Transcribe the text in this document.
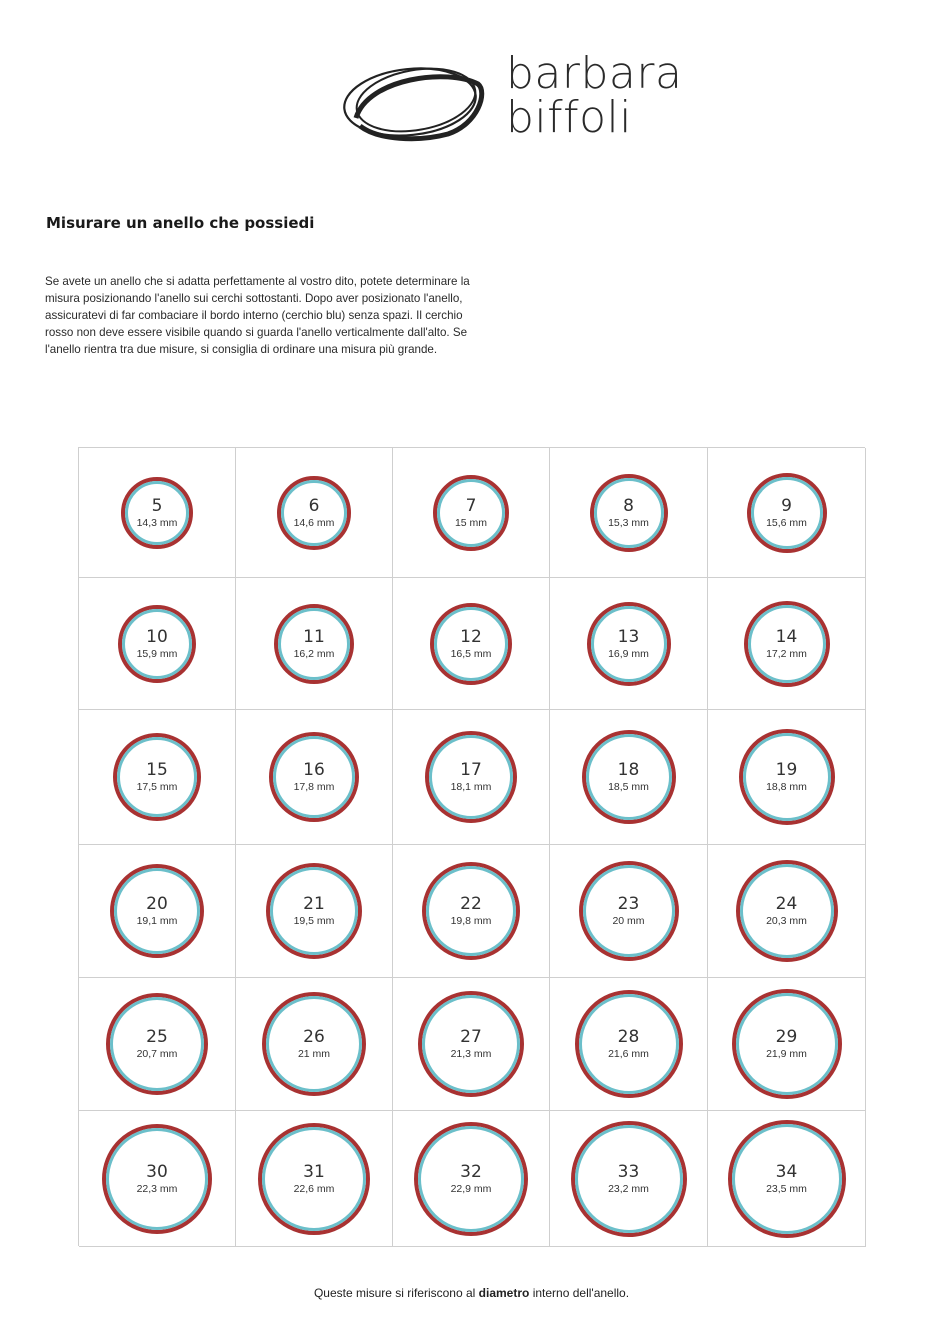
barbara
biffoli
Misurare un anello che possiedi
Se avete un anello che si adatta perfettamente al vostro dito, potete determinare la misura posizionando l'anello sui cerchi sottostanti. Dopo aver posizionato l'anello, assicuratevi di far combaciare il bordo interno (cerchio blu) senza spazi. Il cerchio rosso non deve essere visibile quando si guarda l'anello verticalmente dall'alto. Se l'anello rientra tra due misure, si consiglia di ordinare una misura più grande.
5
14,3 mm
6
14,6 mm
7
15 mm
8
15,3 mm
9
15,6 mm
10
15,9 mm
11
16,2 mm
12
16,5 mm
13
16,9 mm
14
17,2 mm
15
17,5 mm
16
17,8 mm
17
18,1 mm
18
18,5 mm
19
18,8 mm
20
19,1 mm
21
19,5 mm
22
19,8 mm
23
20 mm
24
20,3 mm
25
20,7 mm
26
21 mm
27
21,3 mm
28
21,6 mm
29
21,9 mm
30
22,3 mm
31
22,6 mm
32
22,9 mm
33
23,2 mm
34
23,5 mm
Queste misure si riferiscono al diametro interno dell'anello.
